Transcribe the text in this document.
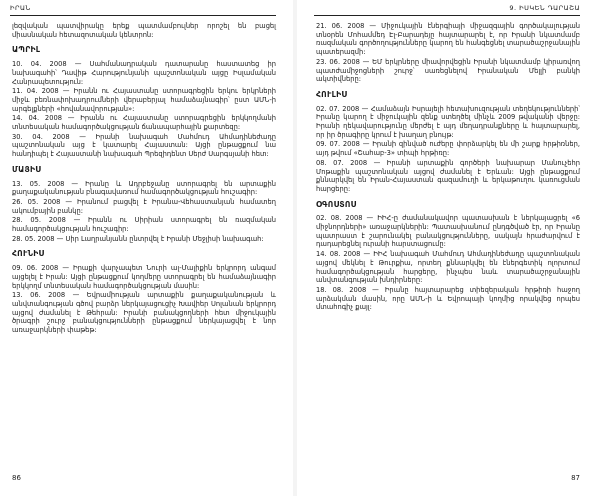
ԻՐԱՆ

լեզվական պատվիրակը երեք պատմամբուլներ որոշել են բացել միասնական հետազոտական կենտրոն:

ԱՊՐԻԼ

10. 04. 2008 — Սահմանադրական դատարանը հաստատեց իր նախագահի՝ Դավիթ Հարությունյանի պաշտոնական այցը Իսլամական Հանրապետություն:

11. 04. 2008 — Իրանն ու Հայաստանը ստորագրեցին երկու երկրների միջև բեռնափոխադրումների վերաբերյալ համաձայնագիր՝ ըստ ԱՄՆ-ի արգելքների «հովանավորության»:

14. 04. 2008 — Իրանն ու Հայաստանը ստորագրեցին երկկողմանի տնտեսական համագործակցության ճանապարհային քարտեզը:

30. 04. 2008 — Իրանի նախագահ Մահմուդ Ահմադինեժադը պաշտոնական այց է կատարել Հայաստան: Այցի ընթացքում նա հանդիպել է Հայաստանի նախագահ Պրեզիդենտ Սերժ Սարգսյանի հետ:

ՄԱՅԻՍ

13. 05. 2008 — Իրանը և Ադրբեջանը ստորագրել են արտաքին քաղաքականության բնագավառում համագործակցության հուշագիր:

26. 05. 2008 — Իրանում բացվել է Իրանա-Վեհաստանյան համատեղ ակումբային բանկը:

28. 05. 2008 — Իրանն ու Սիրիան ստորագրել են ռազմական համագործակցության հուշագիր:

28. 05. 2008 — Սիր Լաղրանյանն ընտրվել է Իրանի Մեջլիսի նախագահ:

ՀՈՒՆԻՍ

09. 06. 2008 — Իրաքի վարչապետ Նուրի ալ-Մալիքին երկրորդ անգամ այցելել է Իրան: Այցի ընթացքում կողմերը ստորագրել են համաձայնագիր երկկողմ տնտեսական համագործակցության մասին:

13. 06. 2008 — Եվրամիության արտաքին քաղաքականության և անվտանգության գծով բարձր ներկայացուցիչ Խավիեր Սոլանան երկրորդ այցով ժամանել է Թեհրան: Իրանի բանակցողների հետ միջուկային ծրագրի շուրջ բանակցությունների ընթացքում ներկայացվել է նոր առաջարկների փաթեթ:

86
9. ԻՍԿԵՆ ԴԱՐԱՇԱ

21. 06. 2008 — Միջուկային էներգիայի միջազգային գործակալության տնօրեն Մոհամմեդ Էլ-Բարադեյը հայտարարել է, որ Իրանի նկատմամբ ռազմական գործողությունները կարող են հանգեցնել տարածաշրջանային պատերազմի:

23. 06. 2008 — ԵՄ երկրները միավորվեցին Իրանի նկատմամբ կիրառվող պատժամիջոցների շուրջ՝ սառեցնելով Իրանական Մելլի բանկի ակտիվները:

ՀՈՒԼԻՍ

02. 07. 2008 — Համաձայն Իսրայելի հետախուզության տեղեկությունների՝ Իրանը կարող է միջուկային զենք ստեղծել մինչև 2009 թվականի վերջը: Իրանի ղեկավարությունը մերժել է այդ մեղադրանքները և հայտարարել, որ իր ծրագիրը կրում է խաղաղ բնույթ:

09. 07. 2008 — Իրանի զինված ուժերը փորձարկել են մի շարք հրթիռներ, այդ թվում «Շահաբ-3» տիպի հրթիռը:

08. 07. 2008 — Իրանի արտաքին գործերի նախարար Մանուչեհր Մոթաքին պաշտոնական այցով ժամանել է Երևան: Այցի ընթացքում քննարկվել են Իրան-Հայաստան գազամուղի և երկաթուղու կառուցման հարցերը:

ՕԳՈՍՏՈՍ

02. 08. 2008 — ԻԻՀ-ը ժամանակավոր պատասխան է ներկայացրել «6 միջնորդների» առաջարկներին: Պատասխանում ընդգծված էր, որ Իրանը պատրաստ է շարունակել բանակցությունները, սակայն հրաժարվում է դադարեցնել ուրանի հարստացումը:

14. 08. 2008 — ԻԻՀ նախագահ Մահմուդ Ահմադինեժադը պաշտոնական այցով մեկնել է Թուրքիա, որտեղ քննարկվել են էներգետիկ ոլորտում համագործակցության հարցերը, ինչպես նաև տարածաշրջանային անվտանգության խնդիրները:

18. 08. 2008 — Իրանը հայտարարեց տիեզերական հրթիռի հաջող արձակման մասին, որը ԱՄՆ-ի և Եվրոպայի կողմից որակվեց որպես մտահոգիչ քայլ:

87
